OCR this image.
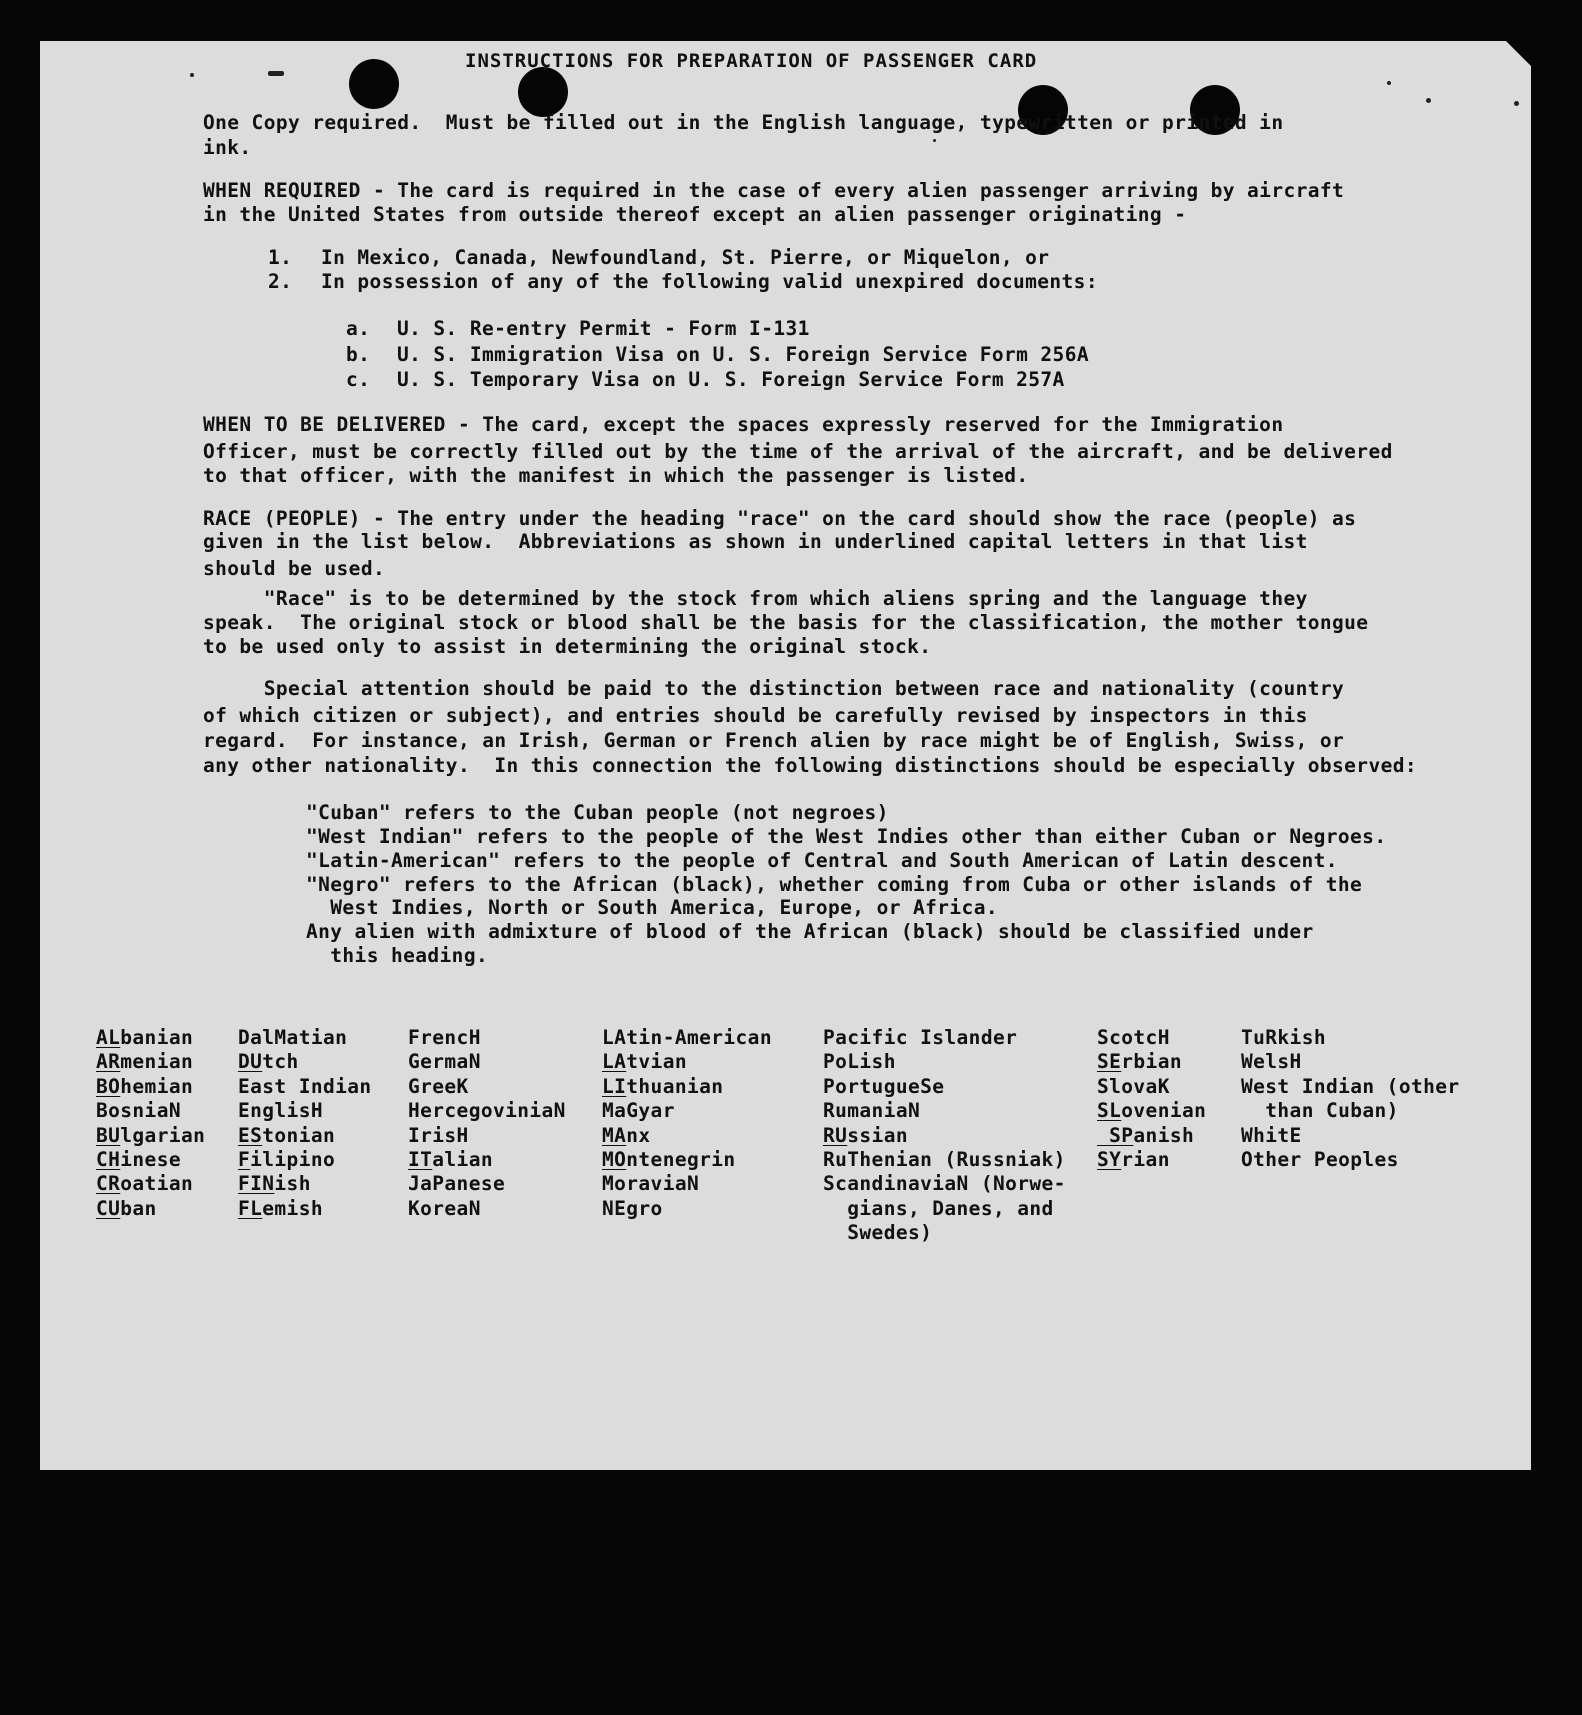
INSTRUCTIONS FOR PREPARATION OF PASSENGER CARD
One Copy required.  Must be filled out in the English language, typewritten or printed in
ink.
WHEN REQUIRED - The card is required in the case of every alien passenger arriving by aircraft
in the United States from outside thereof except an alien passenger originating -
1. In Mexico, Canada, Newfoundland, St. Pierre, or Miquelon, or
2. In possession of any of the following valid unexpired documents:
a. U. S. Re-entry Permit - Form I-131
b. U. S. Immigration Visa on U. S. Foreign Service Form 256A
c. U. S. Temporary Visa on U. S. Foreign Service Form 257A
WHEN TO BE DELIVERED - The card, except the spaces expressly reserved for the Immigration
Officer, must be correctly filled out by the time of the arrival of the aircraft, and be delivered
to that officer, with the manifest in which the passenger is listed.
RACE (PEOPLE) - The entry under the heading "race" on the card should show the race (people) as
given in the list below.  Abbreviations as shown in underlined capital letters in that list
should be used.
"Race" is to be determined by the stock from which aliens spring and the language they
speak.  The original stock or blood shall be the basis for the classification, the mother tongue
to be used only to assist in determining the original stock.
Special attention should be paid to the distinction between race and nationality (country
of which citizen or subject), and entries should be carefully revised by inspectors in this
regard.  For instance, an Irish, German or French alien by race might be of English, Swiss, or
any other nationality.  In this connection the following distinctions should be especially observed:
"Cuban" refers to the Cuban people (not negroes)
"West Indian" refers to the people of the West Indies other than either Cuban or Negroes.
"Latin-American" refers to the people of Central and South American of Latin descent.
"Negro" refers to the African (black), whether coming from Cuba or other islands of the
West Indies, North or South America, Europe, or Africa.
Any alien with admixture of blood of the African (black) should be classified under
this heading.
ALbanian
ARmenian
BOhemian
BosniaN
BUlgarian
CHinese
CRoatian
CUban
DalMatian
DUtch
East Indian
EnglisH
EStonian
Filipino
FINish
FLemish
FrencH
GermaN
GreeK
HercegoviniaN
IrisH
ITalian
JaPanese
KoreaN
LAtin-American
LAtvian
LIthuanian
MaGyar
MAnx
MOntenegrin
MoraviaN
NEgro
Pacific Islander
PoLish
PortugueSe
RumaniaN
RUssian
RuThenian (Russniak)
ScandinaviaN (Norwe-
gians, Danes, and
Swedes)
ScotcH
SErbian
SlovaK
SLovenian
SPanish
SYrian
TuRkish
WelsH
West Indian (other
than Cuban)
WhitE
Other Peoples
